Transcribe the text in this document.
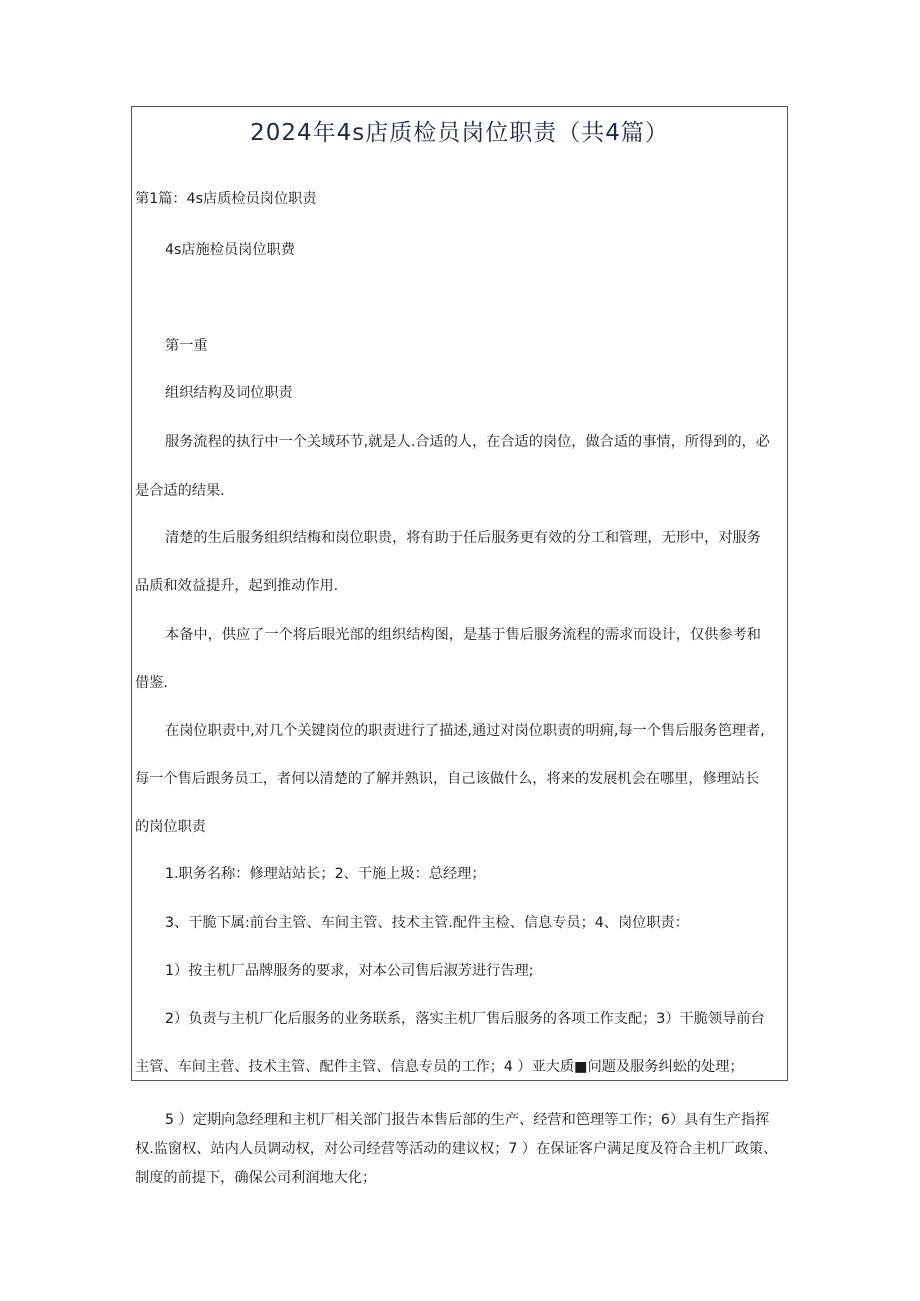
2024年4s店质检员岗位职责（共4篇）
第1篇：4s店质检员岗位职责
4s店施检员岗位职费
第一重
组织结构及词位职责
服务流程的执行中一个关域环节,就是人.合适的人，在合适的岗位，做合适的事情，所得到的，必
是合适的结果.
清楚的生后服务组织结梅和岗位职贵，将有助于任后服务更有效的分工和管理，无形中，对服务
品质和效益提升，起到推动作用.
本备中，供应了一个将后眼光部的组织结构图，是基于售后服务流程的需求而设计，仅供参考和
借鉴.
在岗位职责中,对几个关键岗位的职责进行了描述,通过对岗位职责的明痈,每一个售后服务笆理者,
每一个售后跟务员工，者何以清楚的了解并熟识，自己该做什么，将来的发展机会在哪里，修理站长
的岗位职责
1.职务名称：修理站站长；2、干施上圾：总经理；
3、干脆下属:前台主管、车间主管、技术主管.配件主检、信息专员；4、岗位职责：
1）按主机厂品牌服务的要求，对本公司售后淑芳进行告理;
2）负责与主机厂化后服务的业务联系，落实主机厂售后服务的各项工作支配；3）干脆领导前台
主管、车间主菅、技术主管、配件主管、信息专员的工作；4 ）亚大质■问题及服务纠蚣的处理；
5 ）定期向急经理和主机厂相关部门报告本售后部的生产、经营和笆理等工作；6）具有生产指挥
权.监窗权、站内人员调动权，对公司经营等活动的建议权；7 ）在保证客户满足度及符合主机厂政策、
制度的前提下，确保公司利润地大化；
